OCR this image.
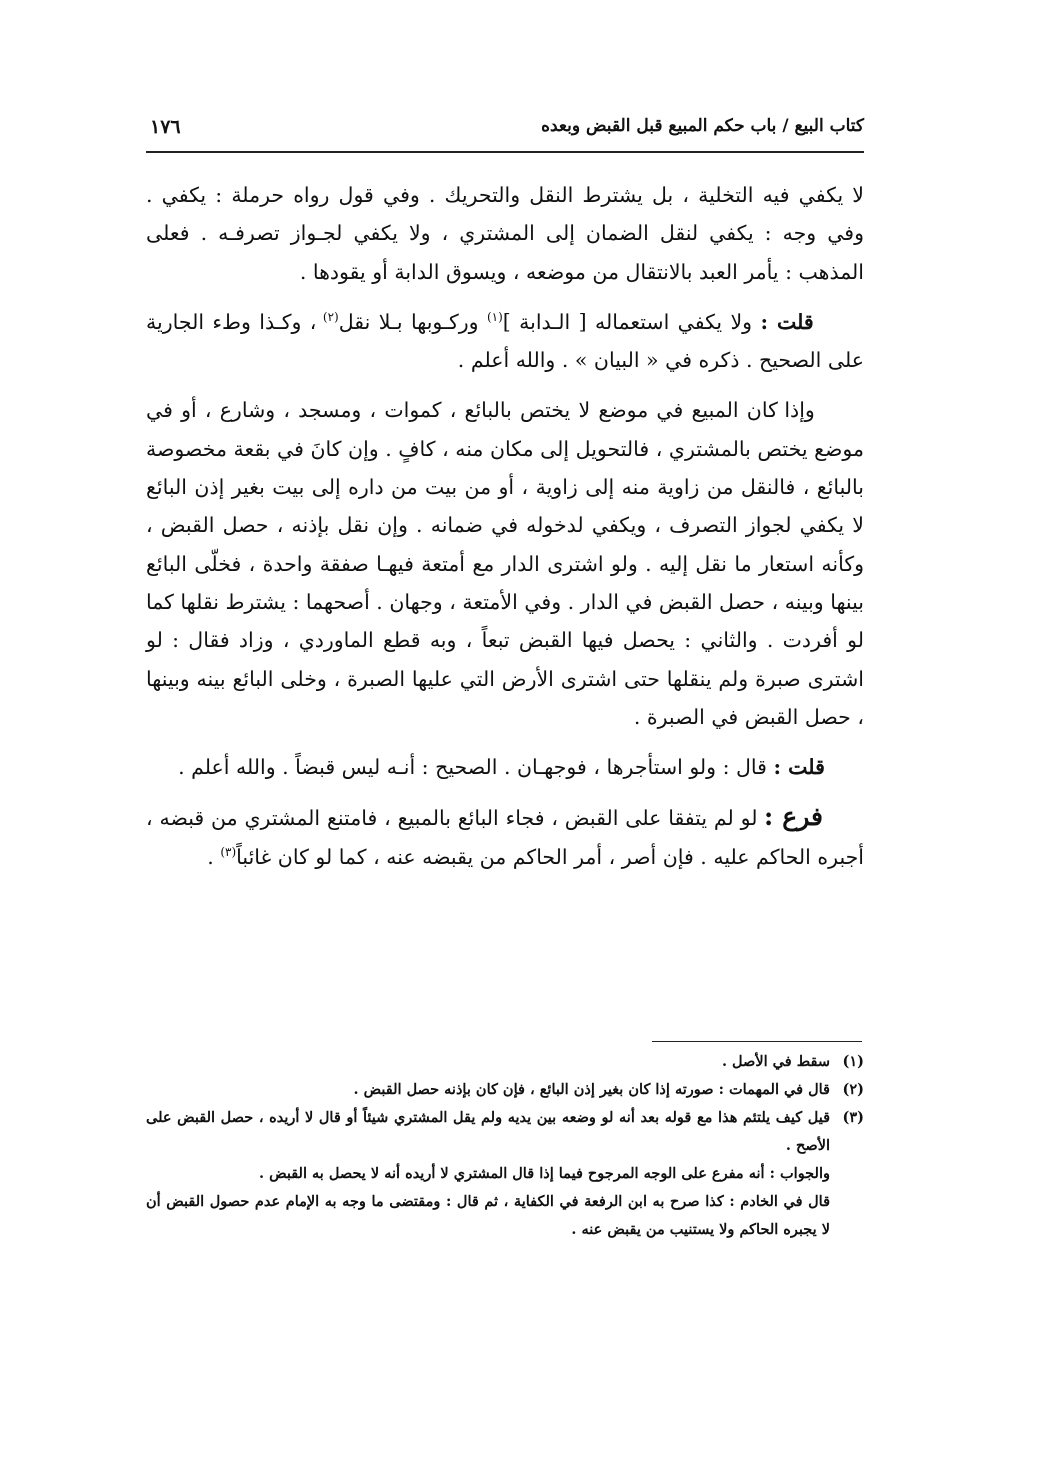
كتاب البيع / باب حكم المبيع قبل القبض وبعده
١٧٦

لا يكفي فيه التخلية ، بل يشترط النقل والتحريك . وفي قول رواه حرملة : يكفي . وفي وجه : يكفي لنقل الضمان إلى المشتري ، ولا يكفي لجـواز تصرفـه . فعلى المذهب : يأمر العبد بالانتقال من موضعه ، ويسوق الدابة أو يقودها .

قلت : ولا يكفي استعماله [ الـدابة ]$^{(١)}$ وركـوبها بـلا نقل$^{(٢)}$ ، وكـذا وطء الجارية على الصحيح . ذكره في « البيان » . والله أعلم .

وإذا كان المبيع في موضع لا يختص بالبائع ، كموات ، ومسجد ، وشارع ، أو في موضع يختص بالمشتري ، فالتحويل إلى مكان منه ، كافٍ . وإن كانَ في بقعة مخصوصة بالبائع ، فالنقل من زاوية منه إلى زاوية ، أو من بيت من داره إلى بيت بغير إذن البائع لا يكفي لجواز التصرف ، ويكفي لدخوله في ضمانه . وإن نقل بإذنه ، حصل القبض ، وكأنه استعار ما نقل إليه . ولو اشترى الدار مع أمتعة فيهـا صفقة واحدة ، فخلّى البائع بينها وبينه ، حصل القبض في الدار . وفي الأمتعة ، وجهان . أصحهما : يشترط نقلها كما لو أفردت . والثاني : يحصل فيها القبض تبعاً ، وبه قطع الماوردي ، وزاد فقال : لو اشترى صبرة ولم ينقلها حتى اشترى الأرض التي عليها الصبرة ، وخلى البائع بينه وبينها ، حصل القبض في الصبرة .

قلت : قال : ولو استأجرها ، فوجهـان . الصحيح : أنـه ليس قبضاً . والله أعلم .

فرع : لو لم يتفقا على القبض ، فجاء البائع بالمبيع ، فامتنع المشتري من قبضه ، أجبره الحاكم عليه . فإن أصر ، أمر الحاكم من يقبضه عنه ، كما لو كان غائباً$^{(٣)}$ .

(١)
سقط في الأصل .
(٢)
قال في المهمات : صورته إذا كان بغير إذن البائع ، فإن كان بإذنه حصل القبض .
(٣)
قيل كيف يلتئم هذا مع قوله بعد أنه لو وضعه بين يديه ولم يقل المشتري شيئاً أو قال لا أريده ، حصل القبض على الأصح .

والجواب : أنه مفرع على الوجه المرجوح فيما إذا قال المشتري لا أريده أنه لا يحصل به القبض .

قال في الخادم : كذا صرح به ابن الرفعة في الكفاية ، ثم قال : ومقتضى ما وجه به الإمام عدم حصول القبض أن لا يجبره الحاكم ولا يستنيب من يقبض عنه .
